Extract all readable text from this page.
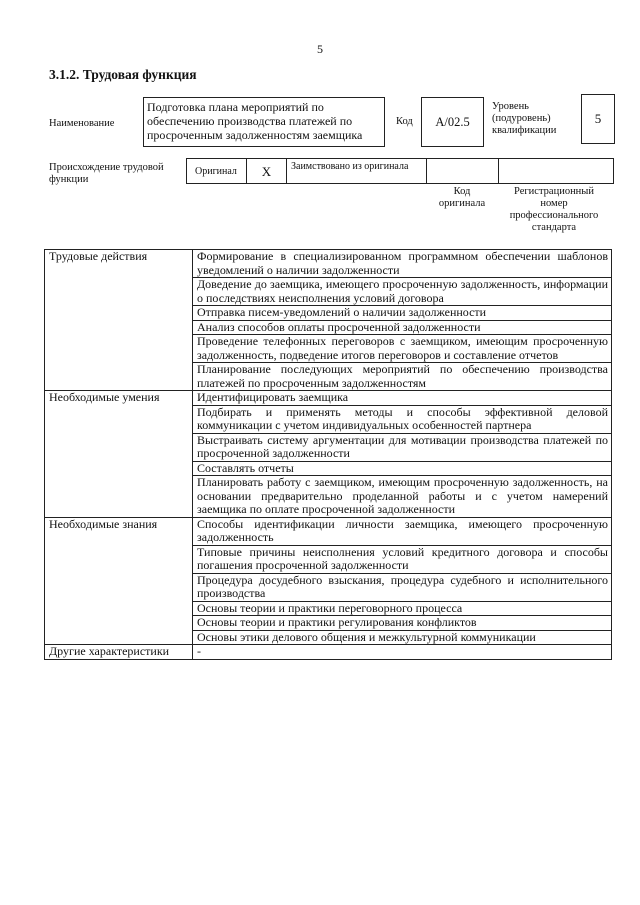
5
3.1.2. Трудовая функция
Наименование
Подготовка плана мероприятий по обеспечению производства платежей по просроченным задолженностям заемщика
Код	A/02.5
Уровень (подуровень) квалификации
5
Происхождение трудовой функции
Оригинал	X	Заимствовано из оригинала
Код оригинала
Регистрационный номер профессионального стандарта
Трудовые действия	Формирование в специализированном программном обеспечении шаблонов уведомлений о наличии задолженности
	Доведение до заемщика, имеющего просроченную задолженность, информации о последствиях неисполнения условий договора
	Отправка писем-уведомлений о наличии задолженности
	Анализ способов оплаты просроченной задолженности
	Проведение телефонных переговоров с заемщиком, имеющим просроченную задолженность, подведение итогов переговоров и составление отчетов
	Планирование последующих мероприятий по обеспечению производства платежей по просроченным задолженностям
Необходимые умения	Идентифицировать заемщика
	Подбирать и применять методы и способы эффективной деловой коммуникации с учетом индивидуальных особенностей партнера
	Выстраивать систему аргументации для мотивации производства платежей по просроченной задолженности
	Составлять отчеты
	Планировать работу с заемщиком, имеющим просроченную задолженность, на основании предварительно проделанной работы и с учетом намерений заемщика по оплате просроченной задолженности
Необходимые знания	Способы идентификации личности заемщика, имеющего просроченную задолженность
	Типовые причины неисполнения условий кредитного договора и способы погашения просроченной задолженности
	Процедура досудебного взыскания, процедура судебного и исполнительного производства
	Основы теории и практики переговорного процесса
	Основы теории и практики регулирования конфликтов
	Основы этики делового общения и межкультурной коммуникации
Другие характеристики	-
